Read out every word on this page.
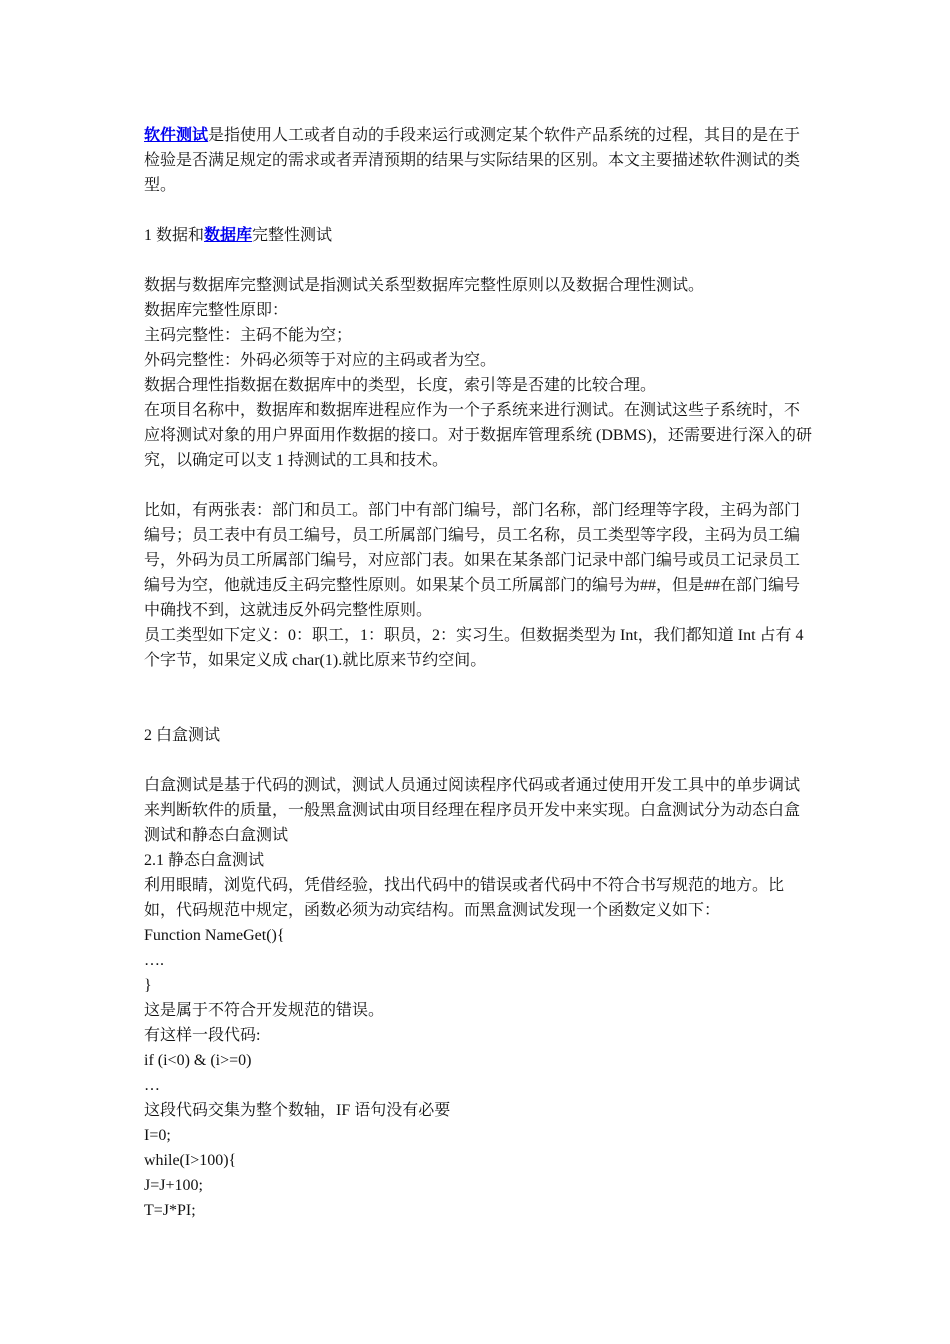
软件测试是指使用人工或者自动的手段来运行或测定某个软件产品系统的过程，其目的是在于检验是否满足规定的需求或者弄清预期的结果与实际结果的区别。本文主要描述软件测试的类型。

1 数据和数据库完整性测试

数据与数据库完整测试是指测试关系型数据库完整性原则以及数据合理性测试。

数据库完整性原即：

主码完整性：主码不能为空；

外码完整性：外码必须等于对应的主码或者为空。

数据合理性指数据在数据库中的类型，长度，索引等是否建的比较合理。

在项目名称中，数据库和数据库进程应作为一个子系统来进行测试。在测试这些子系统时，不应将测试对象的用户界面用作数据的接口。对于数据库管理系统 (DBMS)，还需要进行深入的研究，以确定可以支 1 持测试的工具和技术。

比如，有两张表：部门和员工。部门中有部门编号，部门名称，部门经理等字段，主码为部门编号；员工表中有员工编号，员工所属部门编号，员工名称，员工类型等字段，主码为员工编号，外码为员工所属部门编号，对应部门表。如果在某条部门记录中部门编号或员工记录员工编号为空，他就违反主码完整性原则。如果某个员工所属部门的编号为##，但是##在部门编号中确找不到，这就违反外码完整性原则。

员工类型如下定义：0：职工，1：职员，2：实习生。但数据类型为 Int，我们都知道 Int 占有 4 个字节，如果定义成 char(1).就比原来节约空间。

2 白盒测试

白盒测试是基于代码的测试，测试人员通过阅读程序代码或者通过使用开发工具中的单步调试来判断软件的质量，一般黑盒测试由项目经理在程序员开发中来实现。白盒测试分为动态白盒测试和静态白盒测试

2.1 静态白盒测试

利用眼睛，浏览代码，凭借经验，找出代码中的错误或者代码中不符合书写规范的地方。比如，代码规范中规定，函数必须为动宾结构。而黑盒测试发现一个函数定义如下：

Function NameGet(){

….

}

这是属于不符合开发规范的错误。

有这样一段代码:

if (i<0) & (i>=0)

…

这段代码交集为整个数轴，IF 语句没有必要

I=0;

while(I>100){

J=J+100;

T=J*PI;
